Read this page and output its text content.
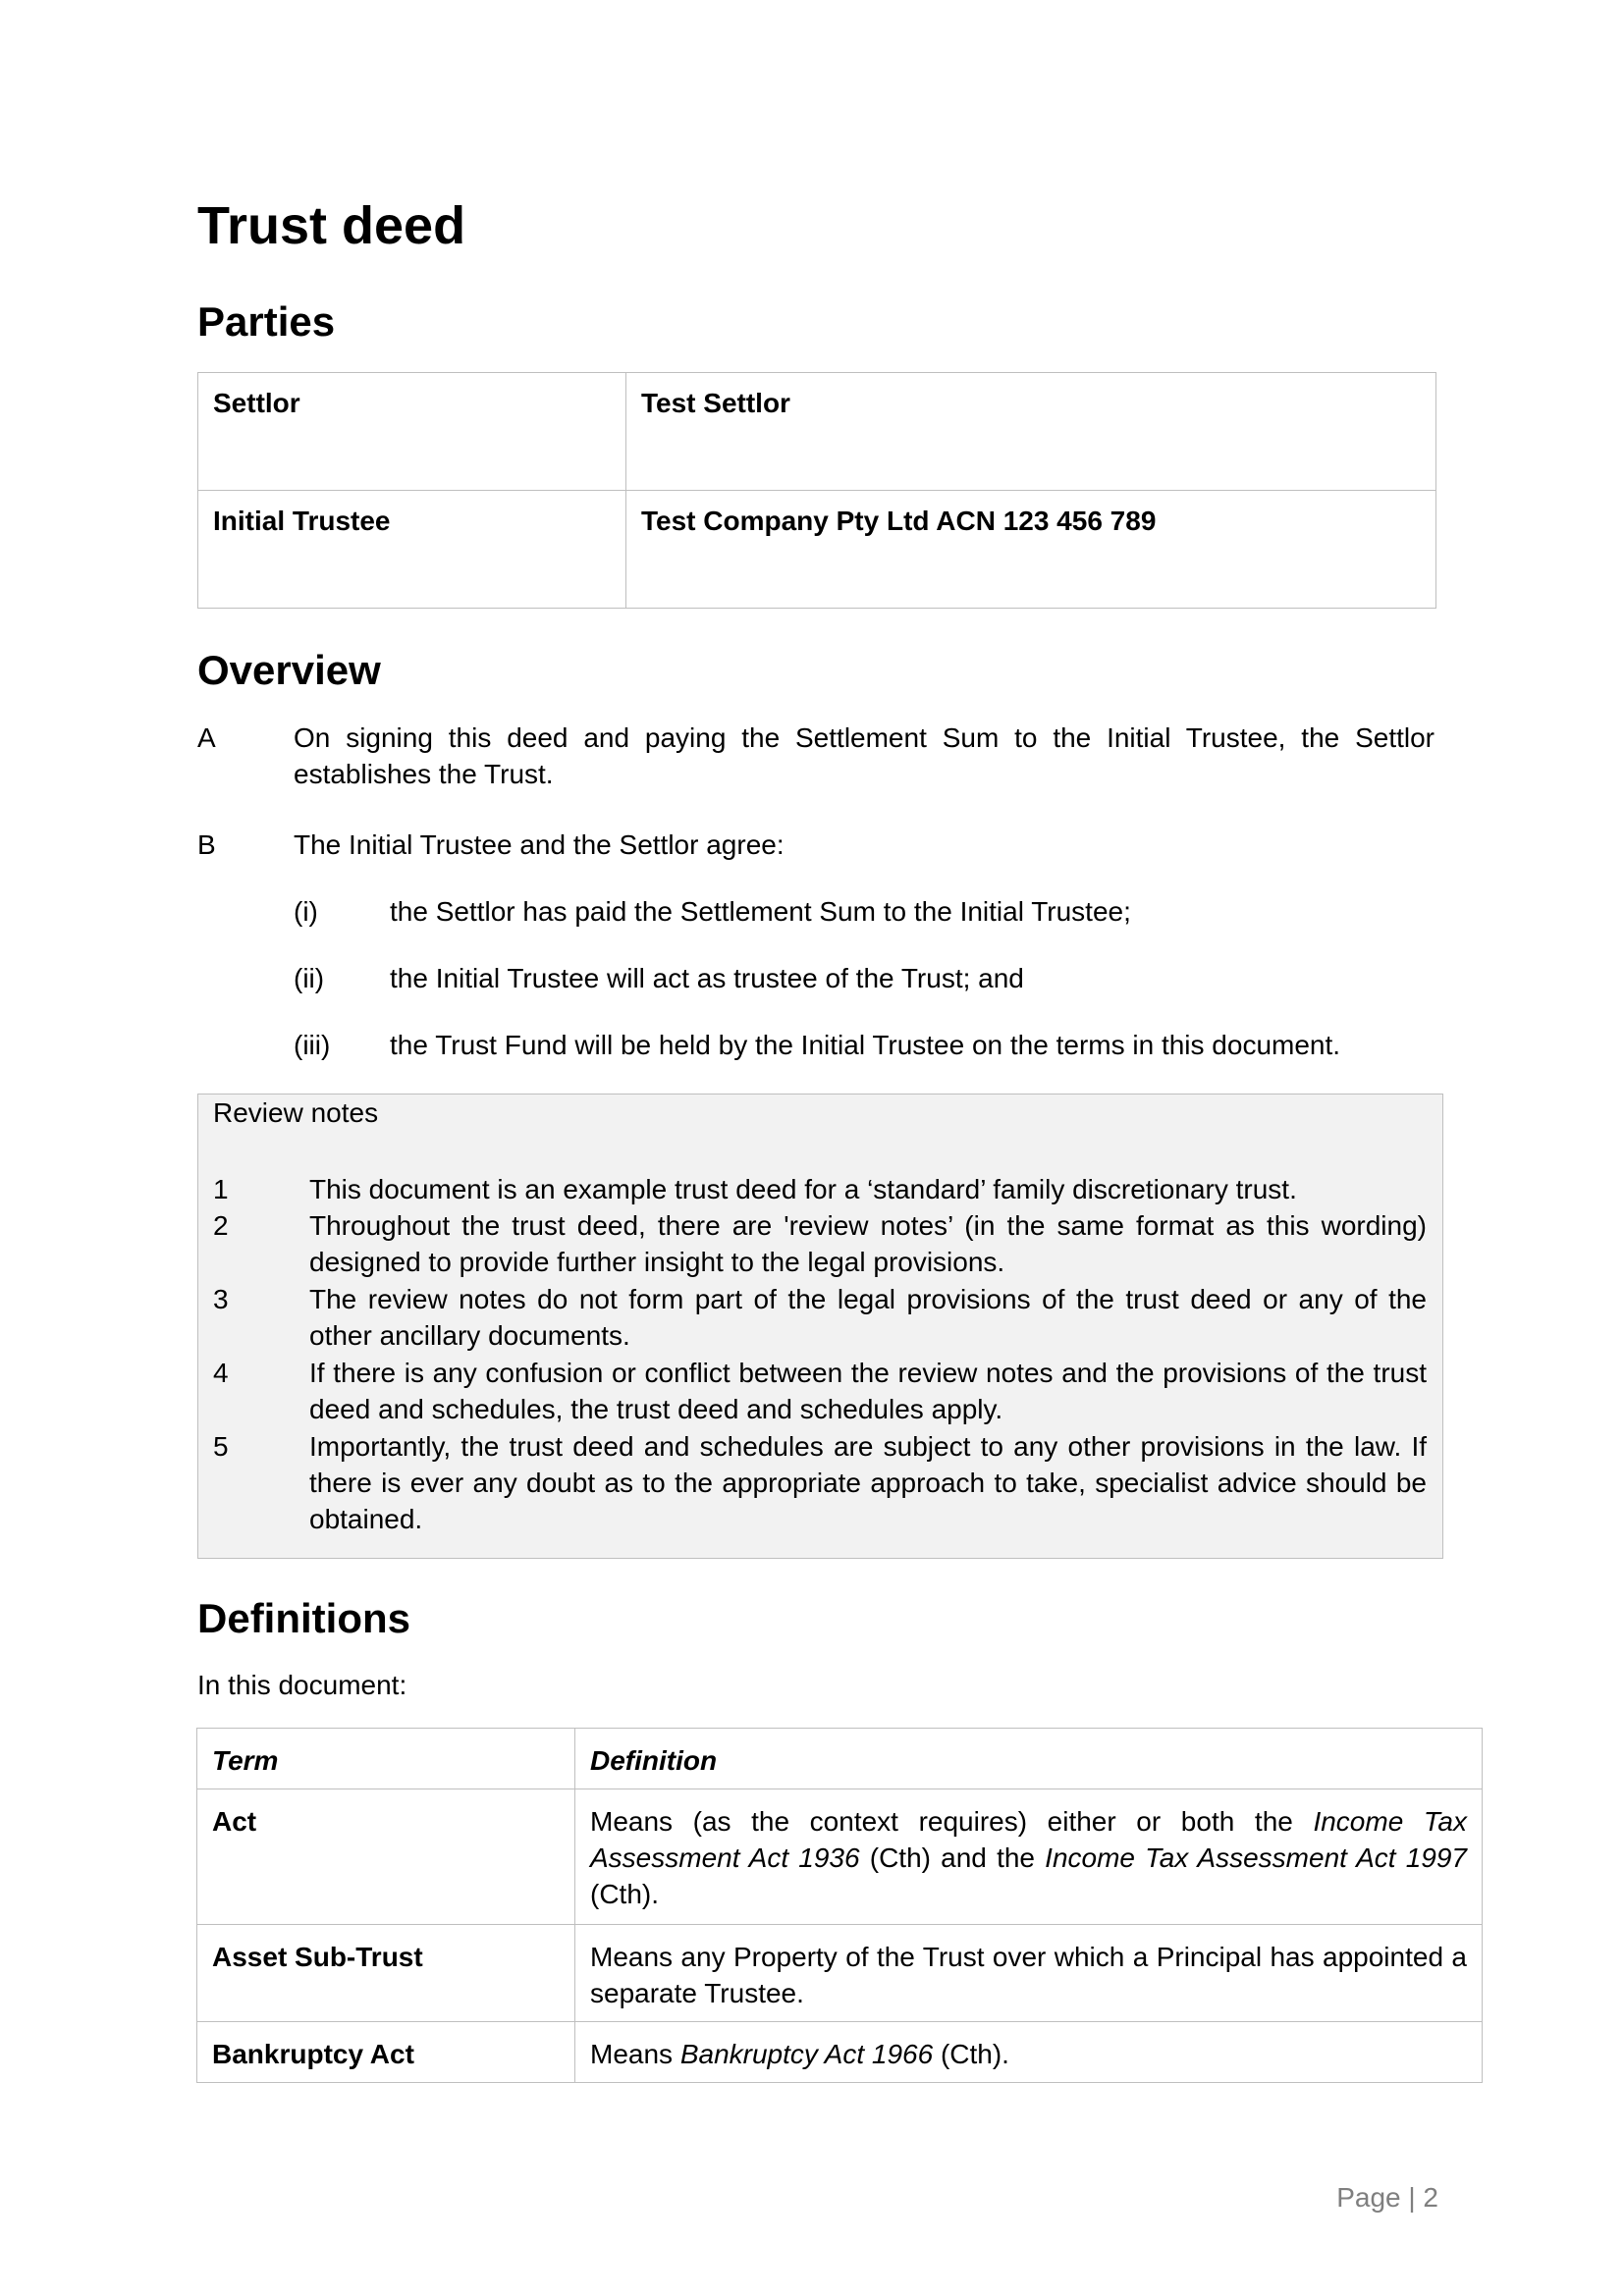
Trust deed
Parties
Settlor	Test Settlor
Initial Trustee	Test Company Pty Ltd ACN 123 456 789
Overview
A	On signing this deed and paying the Settlement Sum to the Initial Trustee, the Settlor establishes the Trust.
B	The Initial Trustee and the Settlor agree:
(i)	the Settlor has paid the Settlement Sum to the Initial Trustee;
(ii) the Initial Trustee will act as trustee of the Trust; and
(iii) the Trust Fund will be held by the Initial Trustee on the terms in this document.
Review notes
1	This document is an example trust deed for a ‘standard’ family discretionary trust.
2	Throughout the trust deed, there are 'review notes’ (in the same format as this wording) designed to provide further insight to the legal provisions.
3	The review notes do not form part of the legal provisions of the trust deed or any of the other ancillary documents.
4	If there is any confusion or conflict between the review notes and the provisions of the trust deed and schedules, the trust deed and schedules apply.
5	Importantly, the trust deed and schedules are subject to any other provisions in the law. If there is ever any doubt as to the appropriate approach to take, specialist advice should be obtained.
Definitions
In this document:
Term	Definition
Act	Means (as the context requires) either or both the Income Tax Assessment Act 1936 (Cth) and the Income Tax Assessment Act 1997 (Cth).
Asset Sub-Trust	Means any Property of the Trust over which a Principal has appointed a separate Trustee.
Bankruptcy Act	Means Bankruptcy Act 1966 (Cth).
Page | 2
